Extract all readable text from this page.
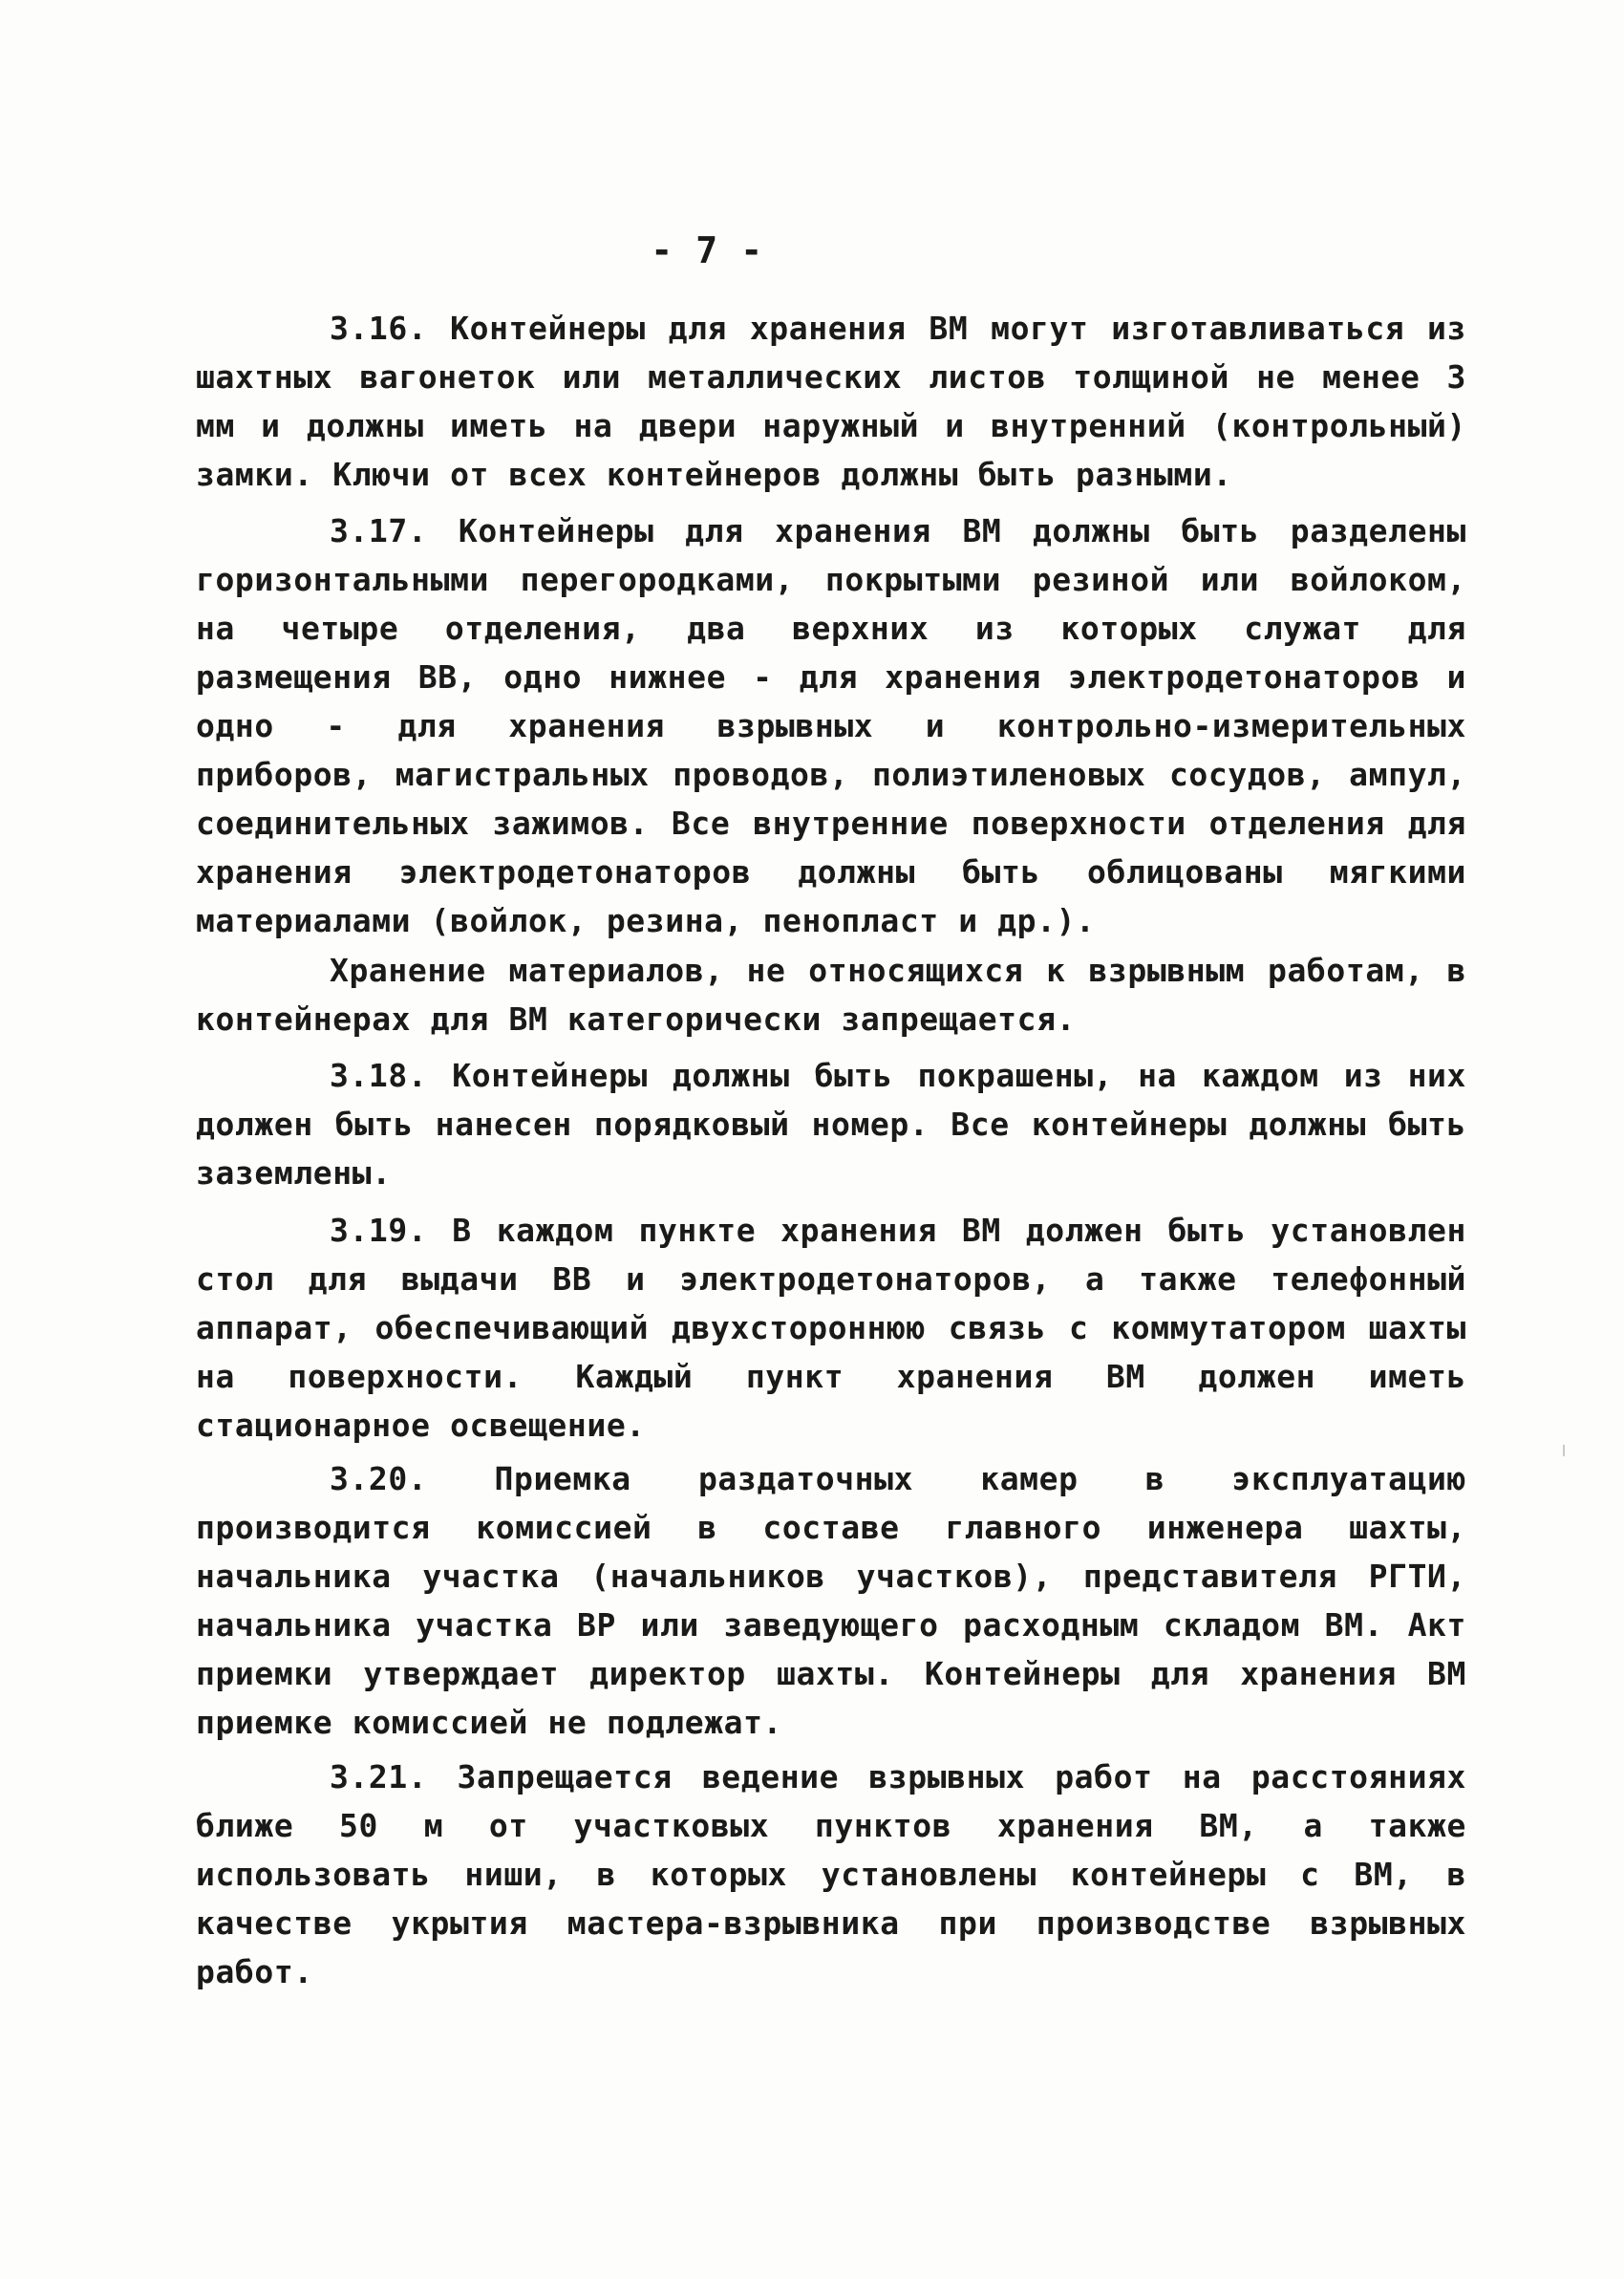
- 7 -
3.16. Контейнеры для хранения ВМ могут изготавливаться из шахтных вагонеток или металлических листов толщиной не менее 3 мм и должны иметь на двери наружный и внутренний (контрольный) замки. Ключи от всех контейнеров должны быть разными.
3.17. Контейнеры для хранения ВМ должны быть разделены горизонтальными перегородками, покрытыми резиной или войлоком, на четыре отделения, два верхних из которых служат для размещения ВВ, одно нижнее - для хранения электродетонаторов и одно - для хранения взрывных и контрольно-измерительных приборов, магистральных проводов, полиэтиленовых сосудов, ампул, соединительных зажимов. Все внутренние поверхности отделения для хранения электродетонаторов должны быть облицованы мягкими материалами (войлок, резина, пенопласт и др.).
Хранение материалов, не относящихся к взрывным работам, в контейнерах для ВМ категорически запрещается.
3.18. Контейнеры должны быть покрашены, на каждом из них должен быть нанесен порядковый номер. Все контейнеры должны быть заземлены.
3.19. В каждом пункте хранения ВМ должен быть установлен стол для выдачи ВВ и электродетонаторов, а также телефонный аппарат, обеспечивающий двухстороннюю связь с коммутатором шахты на поверхности. Каждый пункт хранения ВМ должен иметь стационарное освещение.
3.20. Приемка раздаточных камер в эксплуатацию производится комиссией в составе главного инженера шахты, начальника участка (начальников участков), представителя РГТИ, начальника участка ВР или заведующего расходным складом ВМ. Акт приемки утверждает директор шахты. Контейнеры для хранения ВМ приемке комиссией не подлежат.
3.21. Запрещается ведение взрывных работ на расстояниях ближе 50 м от участковых пунктов хранения ВМ, а также использовать ниши, в которых установлены контейнеры с ВМ, в качестве укрытия мастера-взрывника при производстве взрывных работ.
